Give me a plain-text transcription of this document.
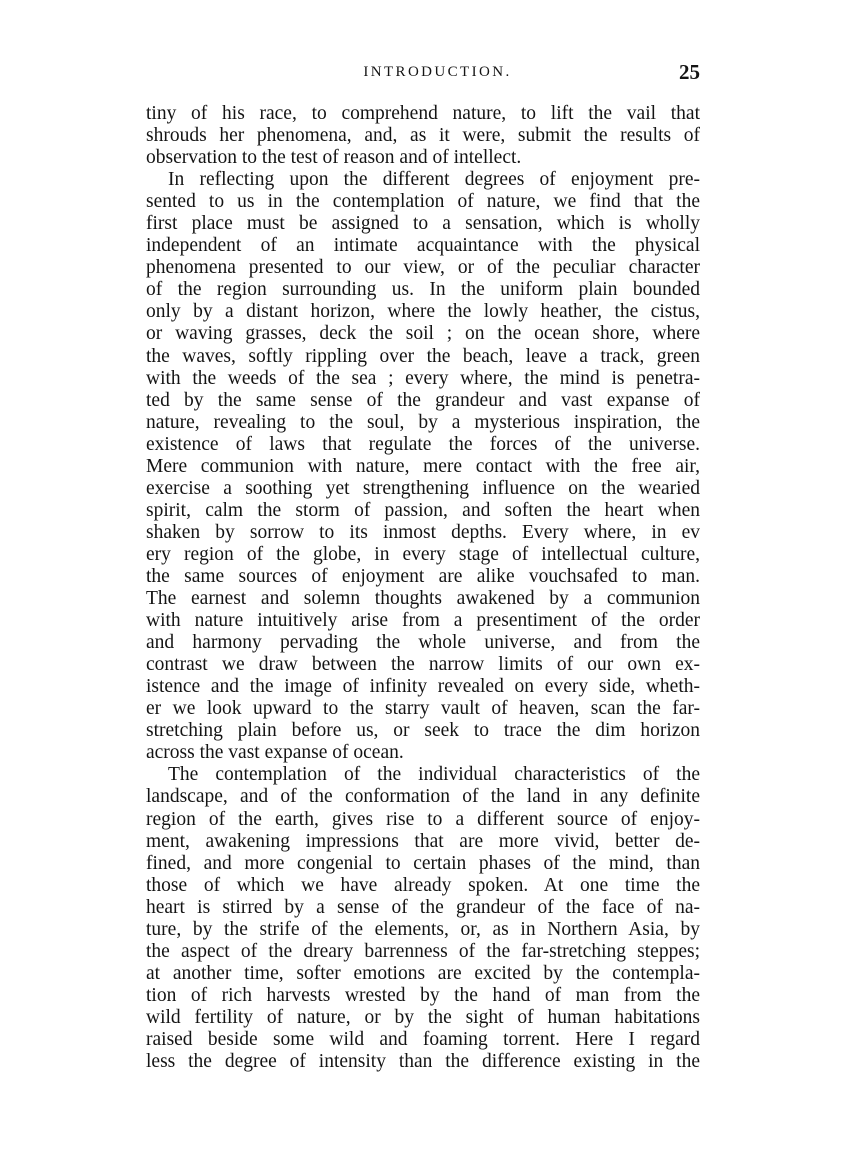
INTRODUCTION.	25
tiny of his race, to comprehend nature, to lift the vail that
shrouds her phenomena, and, as it were, submit the results of
observation to the test of reason and of intellect.
In reflecting upon the different degrees of enjoyment pre-
sented to us in the contemplation of nature, we find that the
first place must be assigned to a sensation, which is wholly
independent of an intimate acquaintance with the physical
phenomena presented to our view, or of the peculiar character
of the region surrounding us. In the uniform plain bounded
only by a distant horizon, where the lowly heather, the cistus,
or waving grasses, deck the soil ; on the ocean shore, where
the waves, softly rippling over the beach, leave a track, green
with the weeds of the sea ; every where, the mind is penetra-
ted by the same sense of the grandeur and vast expanse of
nature, revealing to the soul, by a mysterious inspiration, the
existence of laws that regulate the forces of the universe.
Mere communion with nature, mere contact with the free air,
exercise a soothing yet strengthening influence on the wearied
spirit, calm the storm of passion, and soften the heart when
shaken by sorrow to its inmost depths. Every where, in ev
ery region of the globe, in every stage of intellectual culture,
the same sources of enjoyment are alike vouchsafed to man.
The earnest and solemn thoughts awakened by a communion
with nature intuitively arise from a presentiment of the order
and harmony pervading the whole universe, and from the
contrast we draw between the narrow limits of our own ex-
istence and the image of infinity revealed on every side, wheth-
er we look upward to the starry vault of heaven, scan the far-
stretching plain before us, or seek to trace the dim horizon
across the vast expanse of ocean.
The contemplation of the individual characteristics of the
landscape, and of the conformation of the land in any definite
region of the earth, gives rise to a different source of enjoy-
ment, awakening impressions that are more vivid, better de-
fined, and more congenial to certain phases of the mind, than
those of which we have already spoken. At one time the
heart is stirred by a sense of the grandeur of the face of na-
ture, by the strife of the elements, or, as in Northern Asia, by
the aspect of the dreary barrenness of the far-stretching steppes;
at another time, softer emotions are excited by the contempla-
tion of rich harvests wrested by the hand of man from the
wild fertility of nature, or by the sight of human habitations
raised beside some wild and foaming torrent. Here I regard
less the degree of intensity than the difference existing in the
